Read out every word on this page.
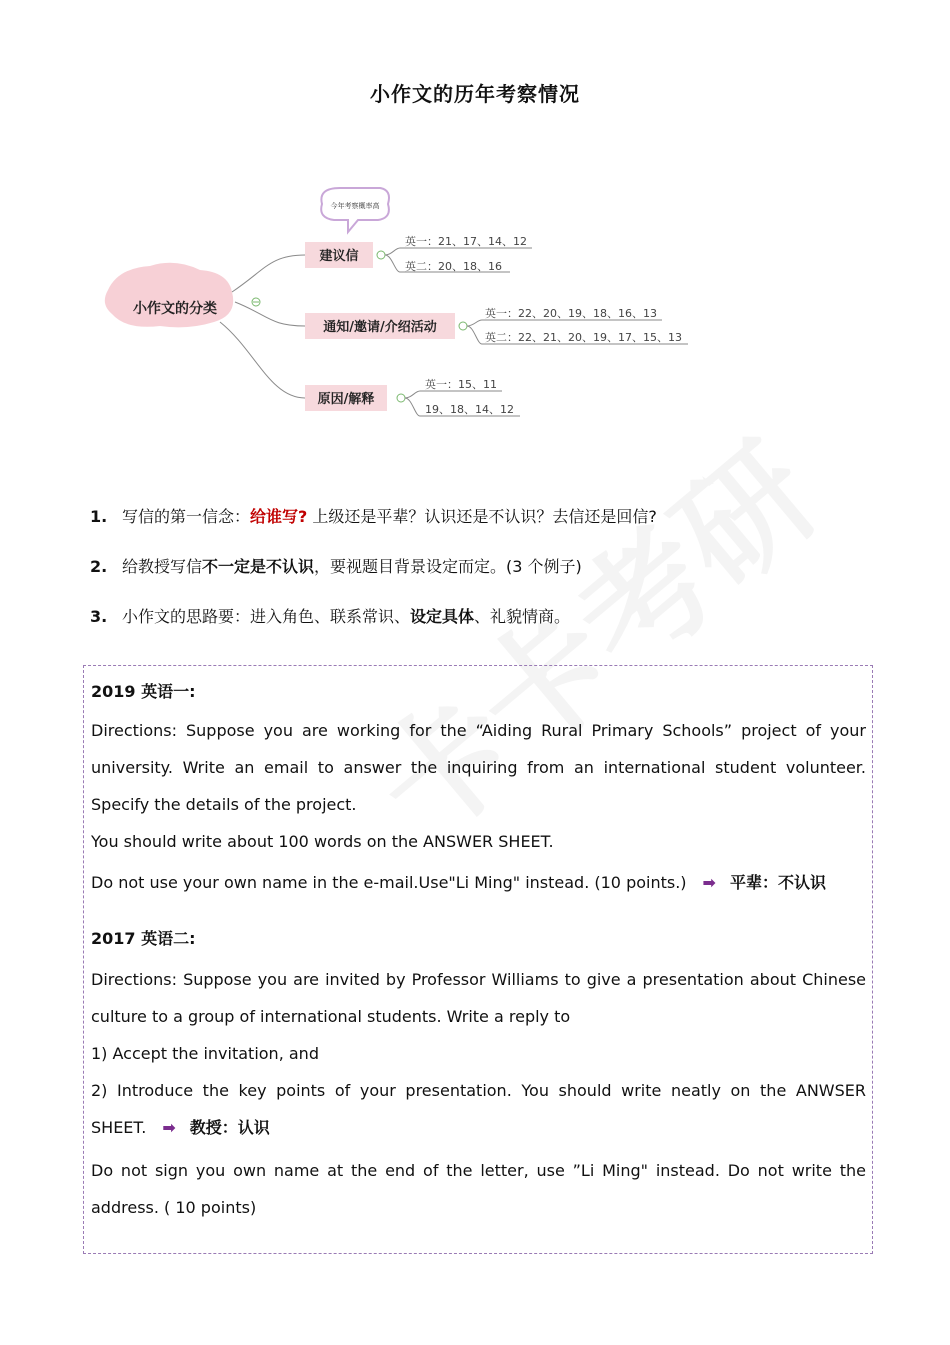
小作文的历年考察情况
小作文的分类
今年考察概率高
建议信
英一：21、17、14、12
英二：20、18、16
通知/邀请/介绍活动
英一：22、20、19、18、16、13
英二：22、21、20、19、17、15、13
原因/解释
英一：15、11
19、18、14、12
1. 写信的第一信念：给谁写? 上级还是平辈？认识还是不认识？去信还是回信?
2. 给教授写信不一定是不认识，要视题目背景设定而定。(3 个例子)
3. 小作文的思路要：进入角色、联系常识、设定具体、礼貌情商。
2019 英语一:
Directions: Suppose you are working for the “Aiding Rural Primary Schools” project of your university. Write an email to answer the inquiring from an international student volunteer. Specify the details of the project.
You should write about 100 words on the ANSWER SHEET.
Do not use your own name in the e-mail.Use"Li Ming" instead. (10 points.) ➡ 平辈：不认识
2017 英语二:
Directions: Suppose you are invited by Professor Williams to give a presentation about Chinese culture to a group of international students. Write a reply to
1) Accept the invitation, and
2) Introduce the key points of your presentation. You should write neatly on the ANWSER SHEET. ➡ 教授：认识
Do not sign you own name at the end of the letter, use ”Li Ming" instead. Do not write the address. ( 10 points)
